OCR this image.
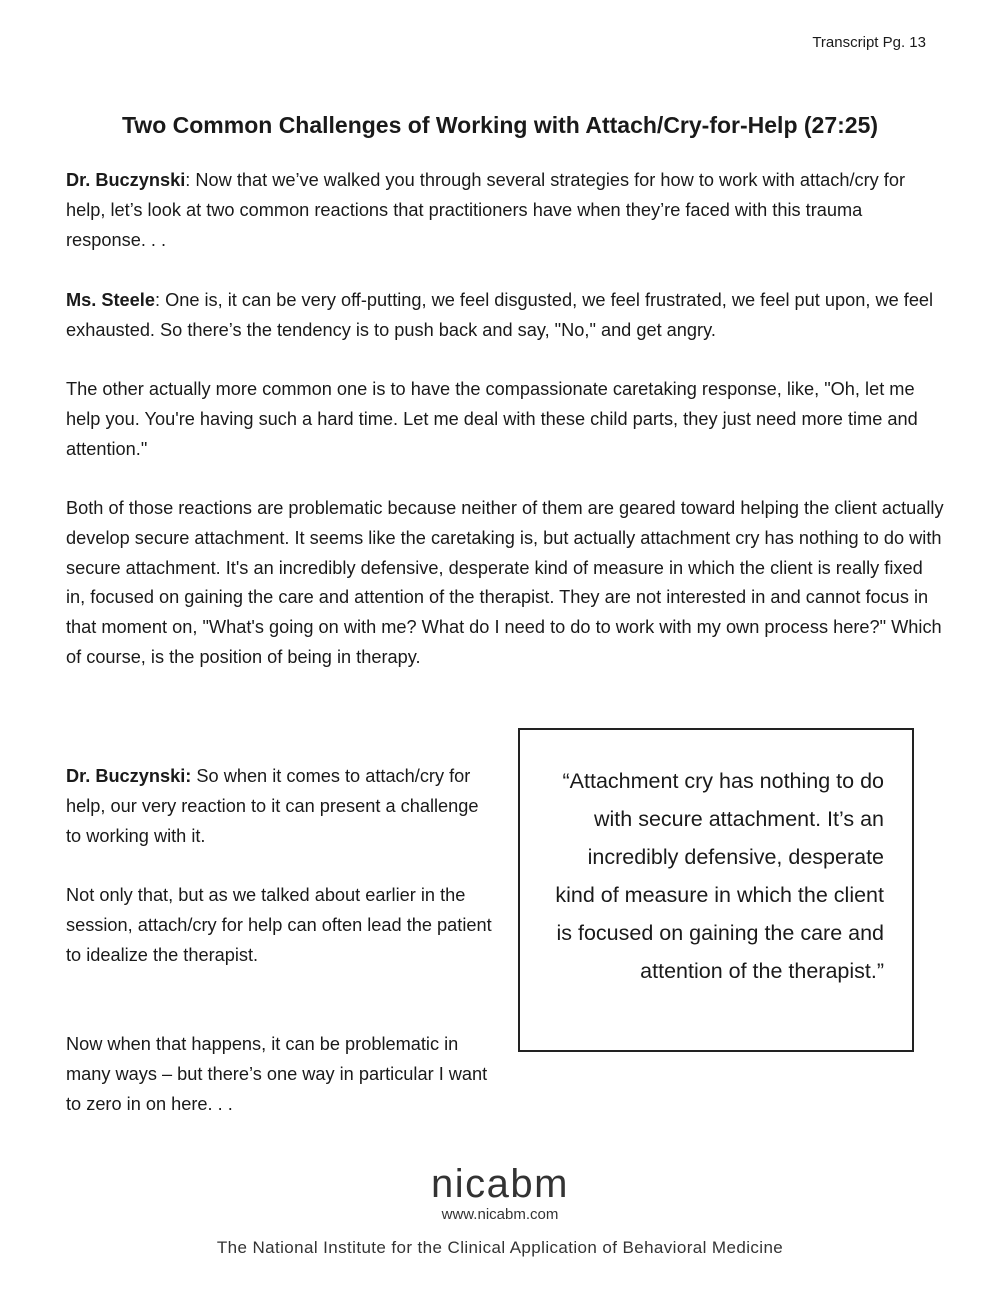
Transcript Pg. 13
Two Common Challenges of Working with Attach/Cry-for-Help (27:25)

Dr. Buczynski: Now that we’ve walked you through several strategies for how to work with attach/cry for help, let’s look at two common reactions that practitioners have when they’re faced with this trauma response. . .

Ms. Steele: One is, it can be very off-putting, we feel disgusted, we feel frustrated, we feel put upon, we feel exhausted. So there’s the tendency is to push back and say, "No," and get angry.

The other actually more common one is to have the compassionate caretaking response, like, "Oh, let me help you. You're having such a hard time. Let me deal with these child parts, they just need more time and attention."

Both of those reactions are problematic because neither of them are geared toward helping the client actually develop secure attachment. It seems like the caretaking is, but actually attachment cry has nothing to do with secure attachment. It's an incredibly defensive, desperate kind of measure in which the client is really fixed in, focused on gaining the care and attention of the therapist. They are not interested in and cannot focus in that moment on, "What's going on with me? What do I need to do to work with my own process here?" Which of course, is the position of being in therapy.

Dr. Buczynski: So when it comes to attach/cry for help, our very reaction to it can present a challenge to working with it.

Not only that, but as we talked about earlier in the session, attach/cry for help can often lead the patient to idealize the therapist.

Now when that happens, it can be problematic in many ways – but there’s one way in particular I want to zero in on here. . .

“Attachment cry has nothing to do with secure attachment. It’s an incredibly defensive, desperate kind of measure in which the client is focused on gaining the care and attention of the therapist.”

nicabm
www.nicabm.com
The National Institute for the Clinical Application of Behavioral Medicine
